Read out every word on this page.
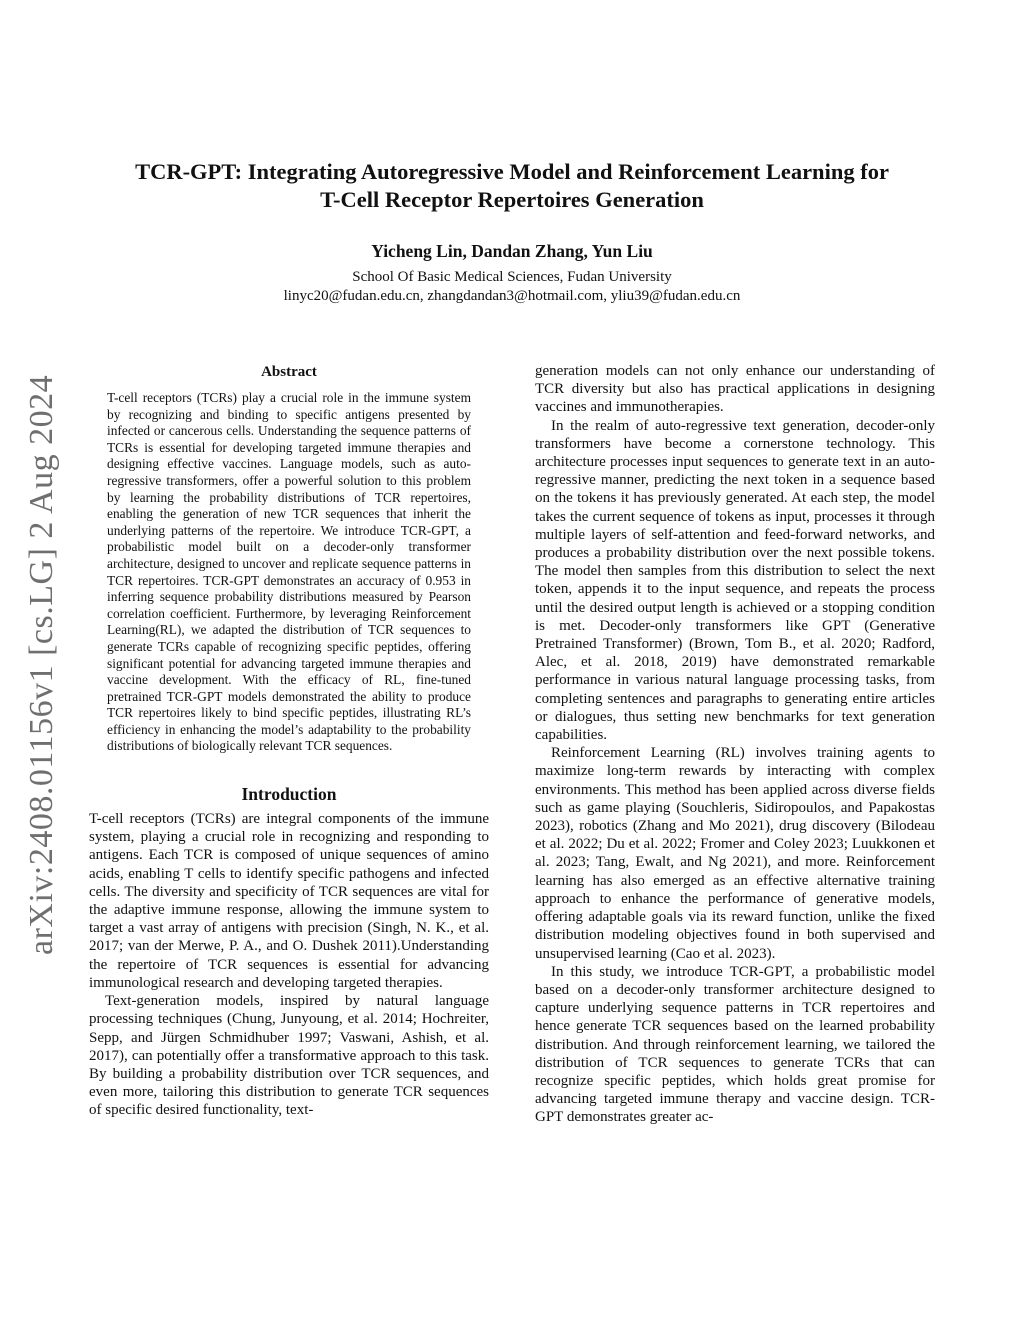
arXiv:2408.01156v1 [cs.LG] 2 Aug 2024
TCR-GPT: Integrating Autoregressive Model and Reinforcement Learning for
T-Cell Receptor Repertoires Generation
Yicheng Lin, Dandan Zhang, Yun Liu
School Of Basic Medical Sciences, Fudan University
linyc20@fudan.edu.cn, zhangdandan3@hotmail.com, yliu39@fudan.edu.cn
Abstract

T-cell receptors (TCRs) play a crucial role in the immune system by recognizing and binding to specific antigens presented by infected or cancerous cells. Understanding the sequence patterns of TCRs is essential for developing targeted immune therapies and designing effective vaccines. Language models, such as auto-regressive transformers, offer a powerful solution to this problem by learning the probability distributions of TCR repertoires, enabling the generation of new TCR sequences that inherit the underlying patterns of the repertoire. We introduce TCR-GPT, a probabilistic model built on a decoder-only transformer architecture, designed to uncover and replicate sequence patterns in TCR repertoires. TCR-GPT demonstrates an accuracy of 0.953 in inferring sequence probability distributions measured by Pearson correlation coefficient. Furthermore, by leveraging Reinforcement Learning(RL), we adapted the distribution of TCR sequences to generate TCRs capable of recognizing specific peptides, offering significant potential for advancing targeted immune therapies and vaccine development. With the efficacy of RL, fine-tuned pretrained TCR-GPT models demonstrated the ability to produce TCR repertoires likely to bind specific peptides, illustrating RL’s efficiency in enhancing the model’s adaptability to the probability distributions of biologically relevant TCR sequences.

Introduction

T-cell receptors (TCRs) are integral components of the immune system, playing a crucial role in recognizing and responding to antigens. Each TCR is composed of unique sequences of amino acids, enabling T cells to identify specific pathogens and infected cells. The diversity and specificity of TCR sequences are vital for the adaptive immune response, allowing the immune system to target a vast array of antigens with precision (Singh, N. K., et al. 2017; van der Merwe, P. A., and O. Dushek 2011).Understanding the repertoire of TCR sequences is essential for advancing immunological research and developing targeted therapies.

Text-generation models, inspired by natural language processing techniques (Chung, Junyoung, et al. 2014; Hochreiter, Sepp, and Jürgen Schmidhuber 1997; Vaswani, Ashish, et al. 2017), can potentially offer a transformative approach to this task. By building a probability distribution over TCR sequences, and even more, tailoring this distribution to generate TCR sequences of specific desired functionality, text-

generation models can not only enhance our understanding of TCR diversity but also has practical applications in designing vaccines and immunotherapies.

In the realm of auto-regressive text generation, decoder-only transformers have become a cornerstone technology. This architecture processes input sequences to generate text in an auto-regressive manner, predicting the next token in a sequence based on the tokens it has previously generated. At each step, the model takes the current sequence of tokens as input, processes it through multiple layers of self-attention and feed-forward networks, and produces a probability distribution over the next possible tokens. The model then samples from this distribution to select the next token, appends it to the input sequence, and repeats the process until the desired output length is achieved or a stopping condition is met. Decoder-only transformers like GPT (Generative Pretrained Transformer) (Brown, Tom B., et al. 2020; Radford, Alec, et al. 2018, 2019) have demonstrated remarkable performance in various natural language processing tasks, from completing sentences and paragraphs to generating entire articles or dialogues, thus setting new benchmarks for text generation capabilities.

Reinforcement Learning (RL) involves training agents to maximize long-term rewards by interacting with complex environments. This method has been applied across diverse fields such as game playing (Souchleris, Sidiropoulos, and Papakostas 2023), robotics (Zhang and Mo 2021), drug discovery (Bilodeau et al. 2022; Du et al. 2022; Fromer and Coley 2023; Luukkonen et al. 2023; Tang, Ewalt, and Ng 2021), and more. Reinforcement learning has also emerged as an effective alternative training approach to enhance the performance of generative models, offering adaptable goals via its reward function, unlike the fixed distribution modeling objectives found in both supervised and unsupervised learning (Cao et al. 2023).

In this study, we introduce TCR-GPT, a probabilistic model based on a decoder-only transformer architecture designed to capture underlying sequence patterns in TCR repertoires and hence generate TCR sequences based on the learned probability distribution. And through reinforcement learning, we tailored the distribution of TCR sequences to generate TCRs that can recognize specific peptides, which holds great promise for advancing targeted immune therapy and vaccine design. TCR-GPT demonstrates greater ac-
